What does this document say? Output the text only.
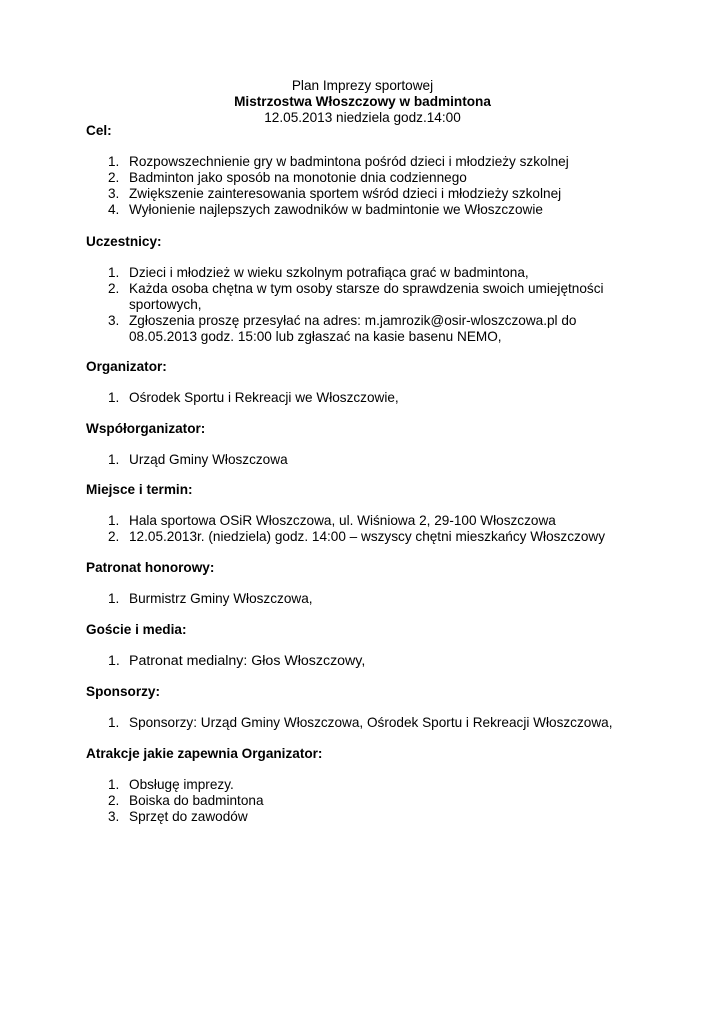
Plan Imprezy sportowej
Mistrzostwa Włoszczowy w badmintona
12.05.2013 niedziela godz.14:00
Cel:
1. Rozpowszechnienie gry w badmintona pośród dzieci i młodzieży szkolnej
2. Badminton jako sposób na monotonie dnia codziennego
3. Zwiększenie zainteresowania sportem wśród dzieci i młodzieży szkolnej
4. Wyłonienie najlepszych zawodników w badmintonie we Włoszczowie
Uczestnicy:
1. Dzieci i młodzież w wieku szkolnym potrafiąca grać w badmintona,
2. Każda osoba chętna w tym osoby starsze do sprawdzenia swoich umiejętności
sportowych,
3. Zgłoszenia proszę przesyłać na adres: m.jamrozik@osir-wloszczowa.pl do
08.05.2013 godz. 15:00 lub zgłaszać na kasie basenu NEMO,
Organizator:
1. Ośrodek Sportu i Rekreacji we Włoszczowie,
Współorganizator:
1. Urząd Gminy Włoszczowa
Miejsce i termin:
1. Hala sportowa OSiR Włoszczowa, ul. Wiśniowa 2, 29-100 Włoszczowa
2. 12.05.2013r. (niedziela) godz. 14:00 – wszyscy chętni mieszkańcy Włoszczowy
Patronat honorowy:
1. Burmistrz Gminy Włoszczowa,
Goście i media:
1. Patronat medialny: Głos Włoszczowy,
Sponsorzy:
1. Sponsorzy: Urząd Gminy Włoszczowa, Ośrodek Sportu i Rekreacji Włoszczowa,
Atrakcje jakie zapewnia Organizator:
1. Obsługę imprezy.
2. Boiska do badmintona
3. Sprzęt do zawodów
